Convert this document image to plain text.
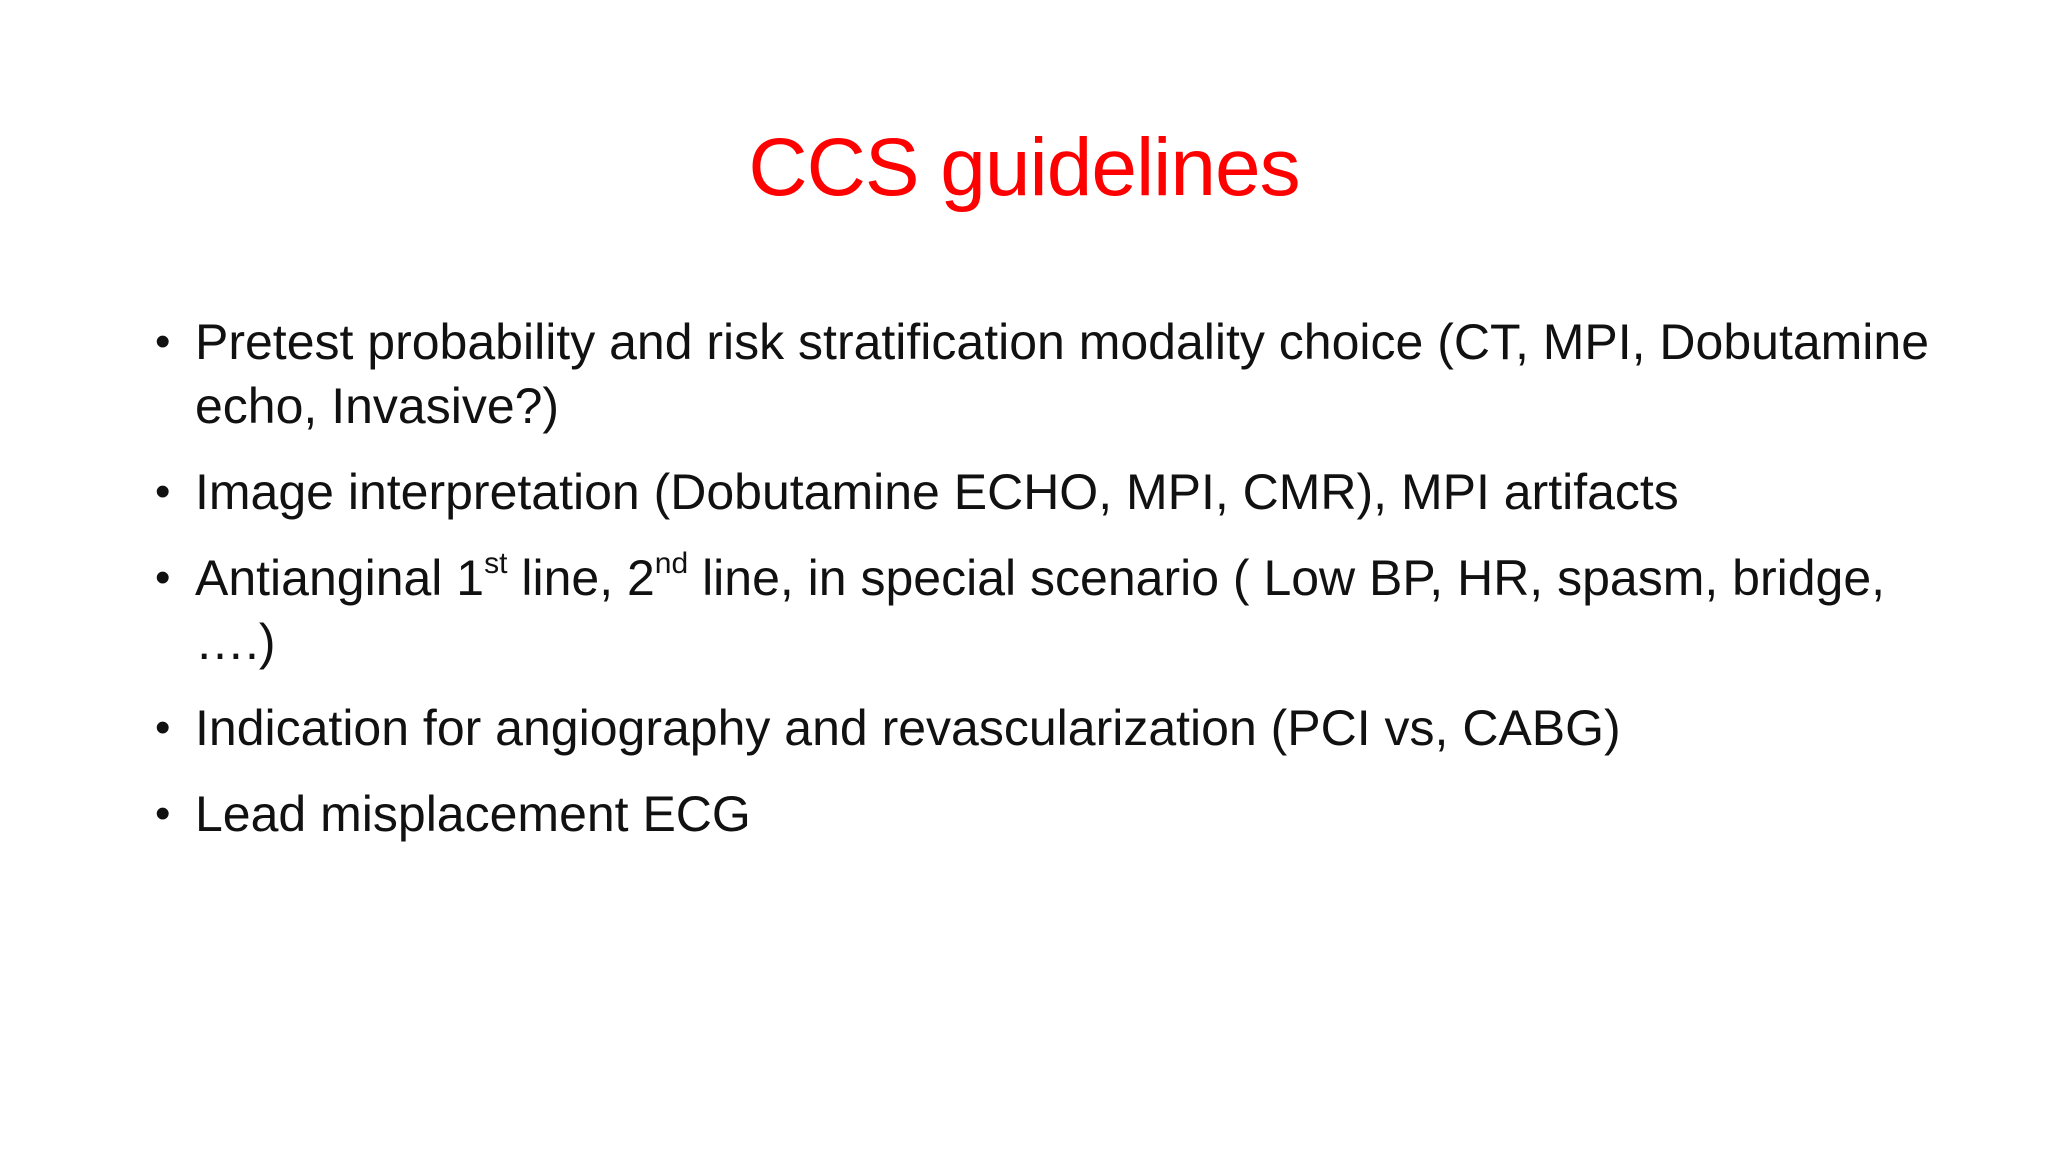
CCS guidelines
• Pretest probability and risk stratification modality choice (CT, MPI, Dobutamine echo, Invasive?)
• Image interpretation (Dobutamine ECHO, MPI, CMR), MPI artifacts
• Antianginal 1st line, 2nd line, in special scenario ( Low BP, HR, spasm, bridge, ….)
• Indication for angiography and revascularization (PCI vs, CABG)
• Lead misplacement ECG
